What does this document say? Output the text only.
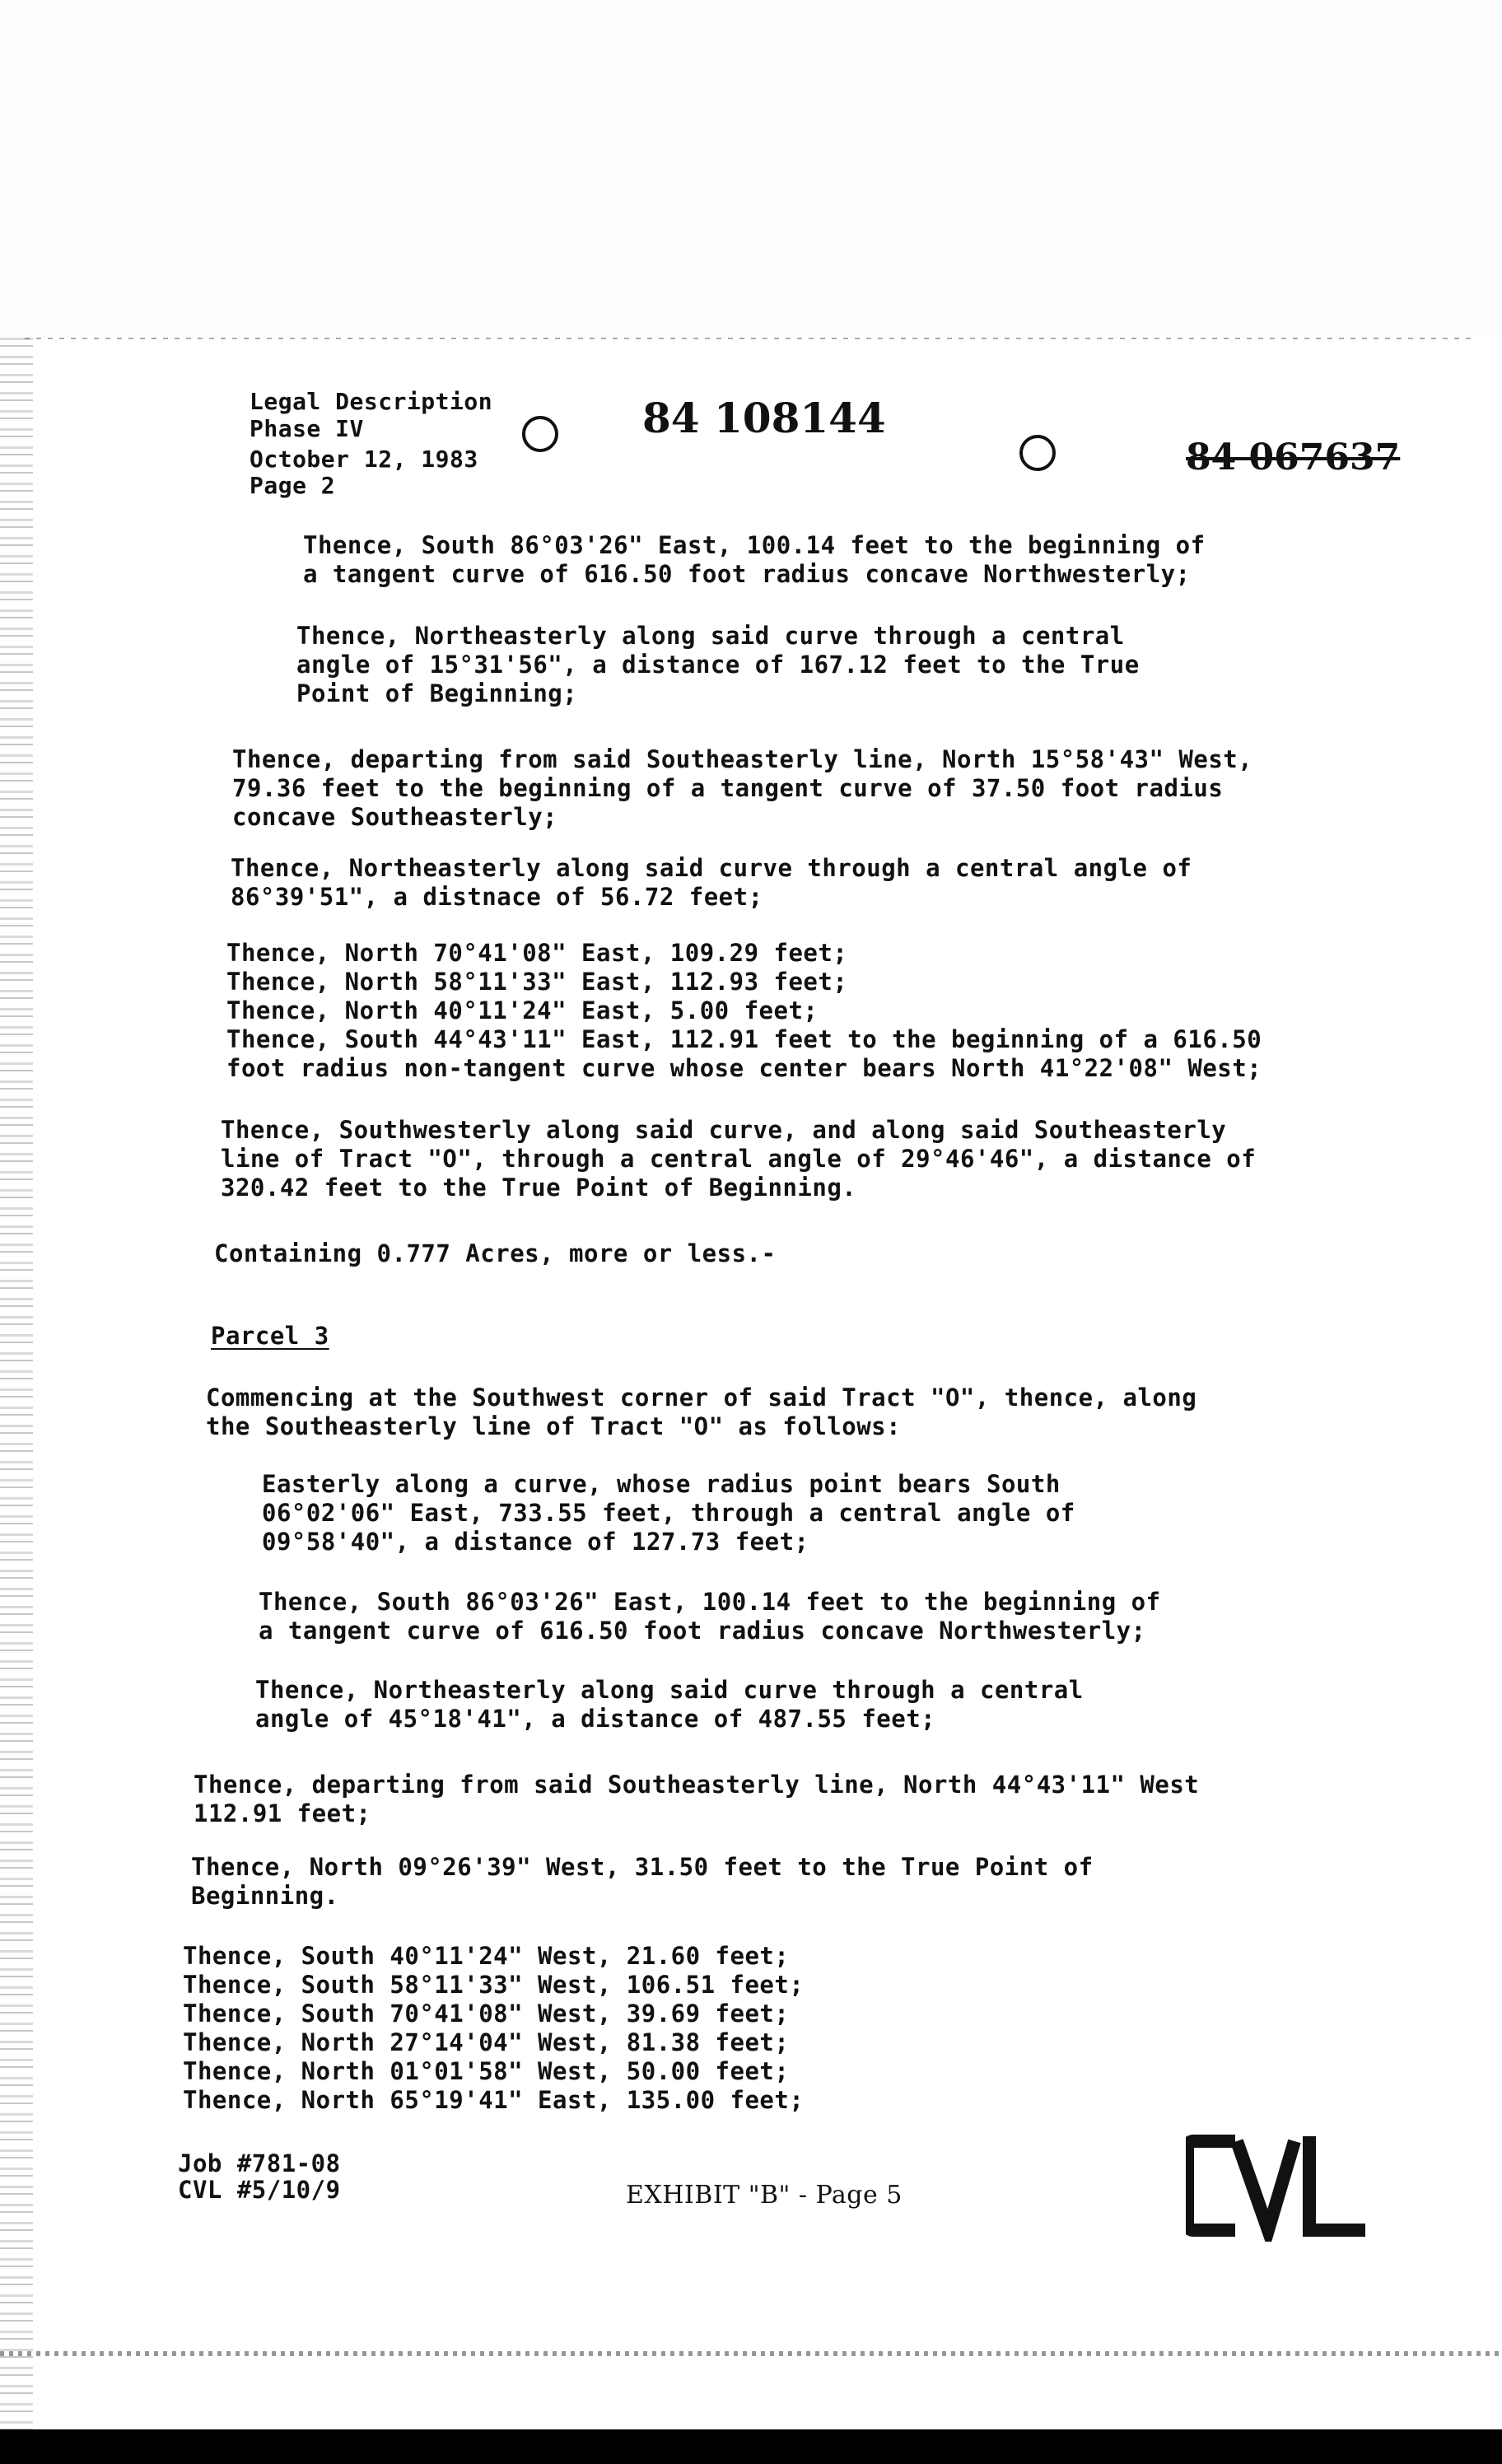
Legal Description
Phase IV
October 12, 1983
Page 2
84 108144
84 067637
Thence, South 86°03'26" East, 100.14 feet to the beginning of
a tangent curve of 616.50 foot radius concave Northwesterly;
Thence, Northeasterly along said curve through a central
angle of 15°31'56", a distance of 167.12 feet to the True
Point of Beginning;
Thence, departing from said Southeasterly line, North 15°58'43" West,
79.36 feet to the beginning of a tangent curve of 37.50 foot radius
concave Southeasterly;
Thence, Northeasterly along said curve through a central angle of
86°39'51", a distnace of 56.72 feet;
Thence, North 70°41'08" East, 109.29 feet;
Thence, North 58°11'33" East, 112.93 feet;
Thence, North 40°11'24" East, 5.00 feet;
Thence, South 44°43'11" East, 112.91 feet to the beginning of a 616.50
foot radius non-tangent curve whose center bears North 41°22'08" West;
Thence, Southwesterly along said curve, and along said Southeasterly
line of Tract "O", through a central angle of 29°46'46", a distance of
320.42 feet to the True Point of Beginning.
Containing 0.777 Acres, more or less.-
Parcel 3
Commencing at the Southwest corner of said Tract "O", thence, along
the Southeasterly line of Tract "O" as follows:
Easterly along a curve, whose radius point bears South
06°02'06" East, 733.55 feet, through a central angle of
09°58'40", a distance of 127.73 feet;
Thence, South 86°03'26" East, 100.14 feet to the beginning of
a tangent curve of 616.50 foot radius concave Northwesterly;
Thence, Northeasterly along said curve through a central
angle of 45°18'41", a distance of 487.55 feet;
Thence, departing from said Southeasterly line, North 44°43'11" West
112.91 feet;
Thence, North 09°26'39" West, 31.50 feet to the True Point of
Beginning.
Thence, South 40°11'24" West, 21.60 feet;
Thence, South 58°11'33" West, 106.51 feet;
Thence, South 70°41'08" West, 39.69 feet;
Thence, North 27°14'04" West, 81.38 feet;
Thence, North 01°01'58" West, 50.00 feet;
Thence, North 65°19'41" East, 135.00 feet;
Job #781-08
CVL #5/10/9	EXHIBIT "B" - Page 5
